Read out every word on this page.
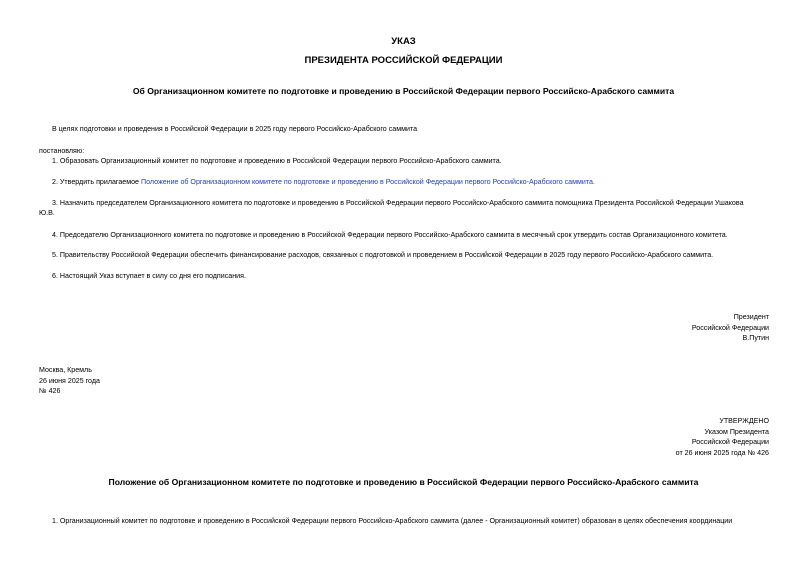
УКАЗ
ПРЕЗИДЕНТА РОССИЙСКОЙ ФЕДЕРАЦИИ
Об Организационном комитете по подготовке и проведению в Российской Федерации первого Российско-Арабского саммита
В целях подготовки и проведения в Российской Федерации в 2025 году первого Российско-Арабского саммита
постановляю:
1. Образовать Организационный комитет по подготовке и проведению в Российской Федерации первого Российско-Арабского саммита.
2. Утвердить прилагаемое Положение об Организационном комитете по подготовке и проведению в Российской Федерации первого Российско-Арабского саммита.
3. Назначить председателем Организационного комитета по подготовке и проведению в Российской Федерации первого Российско-Арабского саммита помощника Президента Российской Федерации Ушакова
Ю.В.
4. Председателю Организационного комитета по подготовке и проведению в Российской Федерации первого Российско-Арабского саммита в месячный срок утвердить состав Организационного комитета.
5. Правительству Российской Федерации обеспечить финансирование расходов, связанных с подготовкой и проведением в Российской Федерации в 2025 году первого Российско-Арабского саммита.
6. Настоящий Указ вступает в силу со дня его подписания.
Президент
Российской Федерации
В.Путин
Москва, Кремль
26 июня 2025 года
№ 426
УТВЕРЖДЕНО
Указом Президента
Российской Федерации
от 26 июня 2025 года № 426
Положение об Организационном комитете по подготовке и проведению в Российской Федерации первого Российско-Арабского саммита
1. Организационный комитет по подготовке и проведению в Российской Федерации первого Российско-Арабского саммита (далее - Организационный комитет) образован в целях обеспечения координации
